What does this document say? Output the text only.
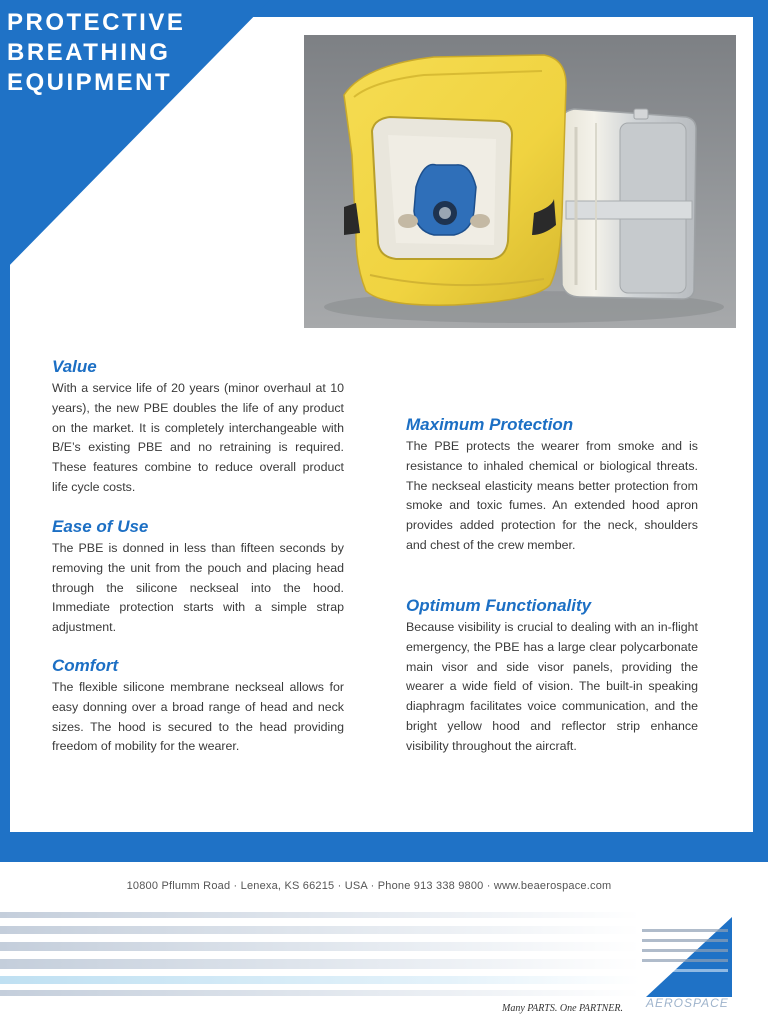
PROTECTIVE
BREATHING
EQUIPMENT
Value

With a service life of 20 years (minor overhaul at 10 years), the new PBE doubles the life of any product on the market. It is completely interchangeable with B/E’s existing PBE and no retraining is required. These features combine to reduce overall product life cycle costs.

Ease of Use

The PBE is donned in less than fifteen seconds by removing the unit from the pouch and placing head through the silicone neckseal into the hood. Immediate protection starts with a simple strap adjustment.

Comfort

The flexible silicone membrane neckseal allows for easy donning over a broad range of head and neck sizes. The hood is secured to the head providing freedom of mobility for the wearer.

Maximum Protection

The PBE protects the wearer from smoke and is resistance to inhaled chemical or biological threats. The neckseal elasticity means better protection from smoke and toxic fumes. An extended hood apron provides added protection for the neck, shoulders and chest of the crew member.

Optimum Functionality

Because visibility is crucial to dealing with an in-flight emergency, the PBE has a large clear polycarbonate main visor and side visor panels, providing the wearer a wide field of vision. The built-in speaking diaphragm facilitates voice communication, and the bright yellow hood and reflector strip enhance visibility throughout the aircraft.

10800 Pflumm Road · Lenexa, KS 66215 · USA · Phone 913 338 9800 · www.beaerospace.com
Many PARTS. One PARTNER.
B/E
AEROSPACE
